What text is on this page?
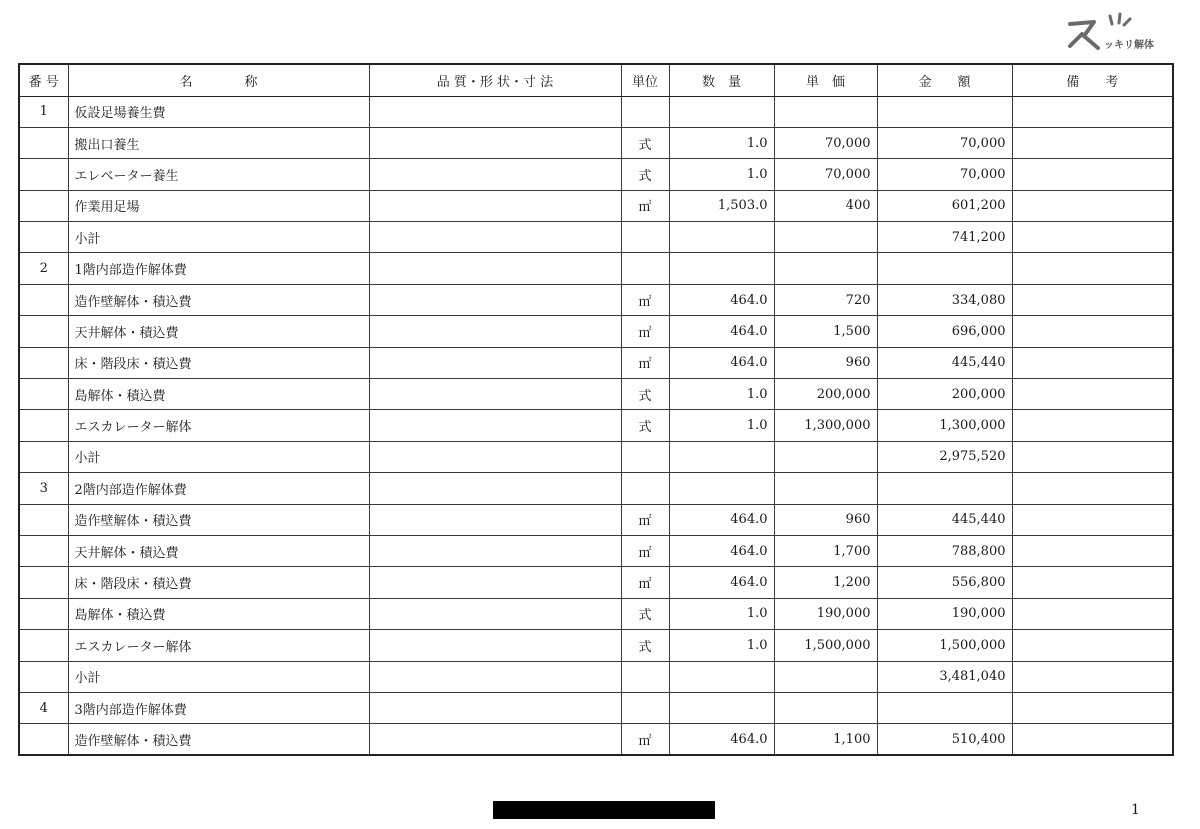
ッキリ解体
番 号	名　　　　称	品 質・形 状・寸 法	単位	数　量	単　価	金　　額	備　　考
1	仮設足場養生費						
	搬出口養生		式	1.0	70,000	70,000	
	エレベーター養生		式	1.0	70,000	70,000	
	作業用足場		㎡	1,503.0	400	601,200	
	小計					741,200	
2	1階内部造作解体費						
	造作壁解体・積込費		㎡	464.0	720	334,080	
	天井解体・積込費		㎡	464.0	1,500	696,000	
	床・階段床・積込費		㎡	464.0	960	445,440	
	島解体・積込費		式	1.0	200,000	200,000	
	エスカレーター解体		式	1.0	1,300,000	1,300,000	
	小計					2,975,520	
3	2階内部造作解体費						
	造作壁解体・積込費		㎡	464.0	960	445,440	
	天井解体・積込費		㎡	464.0	1,700	788,800	
	床・階段床・積込費		㎡	464.0	1,200	556,800	
	島解体・積込費		式	1.0	190,000	190,000	
	エスカレーター解体		式	1.0	1,500,000	1,500,000	
	小計					3,481,040	
4	3階内部造作解体費						
	造作壁解体・積込費		㎡	464.0	1,100	510,400	
1
